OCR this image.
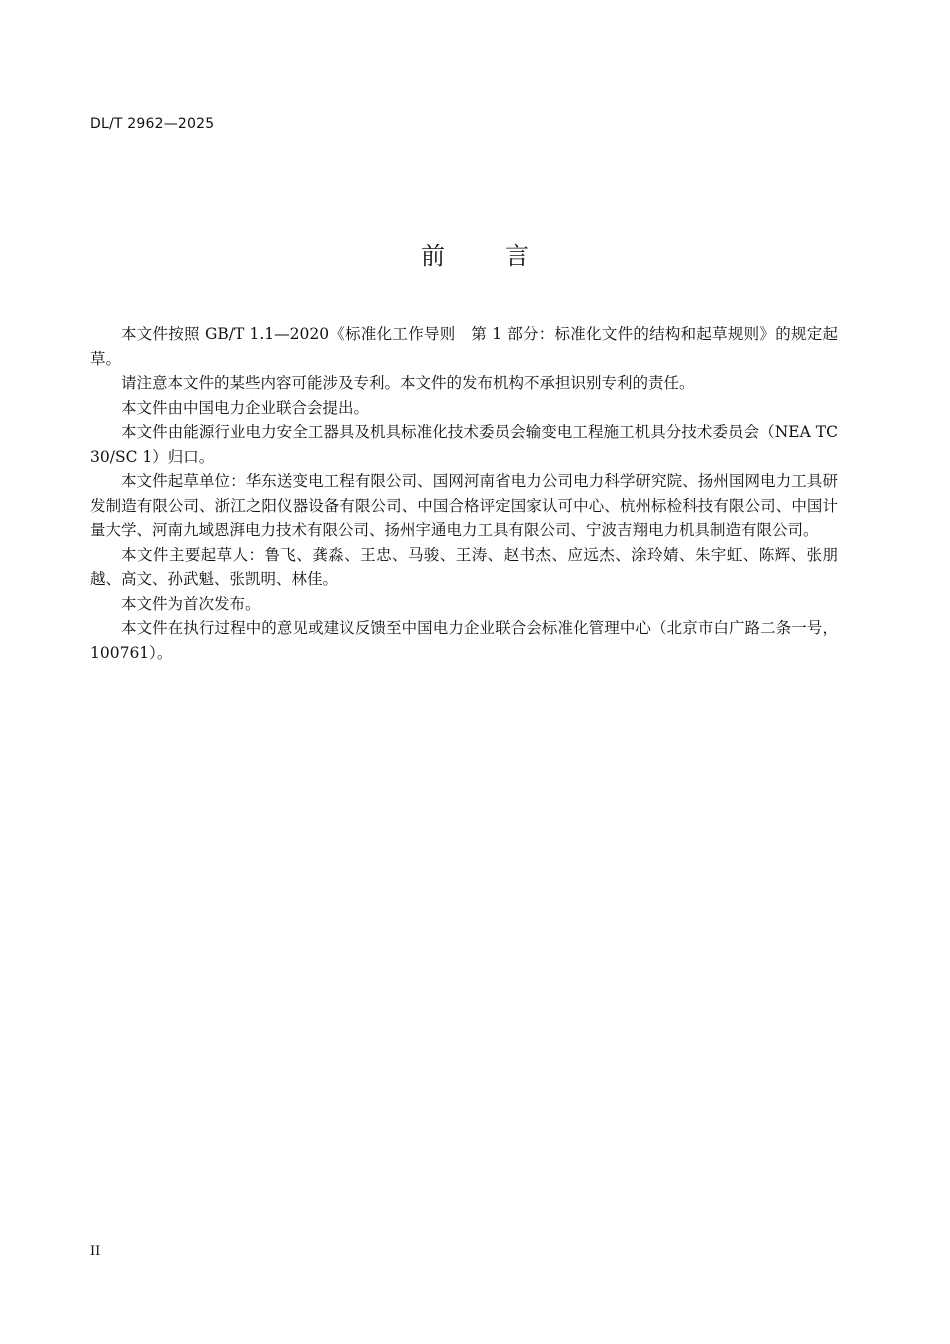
DL/T 2962—2025
前言

本文件按照 GB/T 1.1—2020《标准化工作导则　第 1 部分：标准化文件的结构和起草规则》的规定起草。

请注意本文件的某些内容可能涉及专利。本文件的发布机构不承担识别专利的责任。

本文件由中国电力企业联合会提出。

本文件由能源行业电力安全工器具及机具标准化技术委员会输变电工程施工机具分技术委员会（NEA TC 30/SC 1）归口。

本文件起草单位：华东送变电工程有限公司、国网河南省电力公司电力科学研究院、扬州国网电力工具研发制造有限公司、浙江之阳仪器设备有限公司、中国合格评定国家认可中心、杭州标检科技有限公司、中国计量大学、河南九域恩湃电力技术有限公司、扬州宇通电力工具有限公司、宁波吉翔电力机具制造有限公司。

本文件主要起草人：鲁飞、龚淼、王忠、马骏、王涛、赵书杰、应远杰、涂玲婧、朱宇虹、陈辉、张朋越、高文、孙武魁、张凯明、林佳。

本文件为首次发布。

本文件在执行过程中的意见或建议反馈至中国电力企业联合会标准化管理中心（北京市白广路二条一号，100761）。

II
